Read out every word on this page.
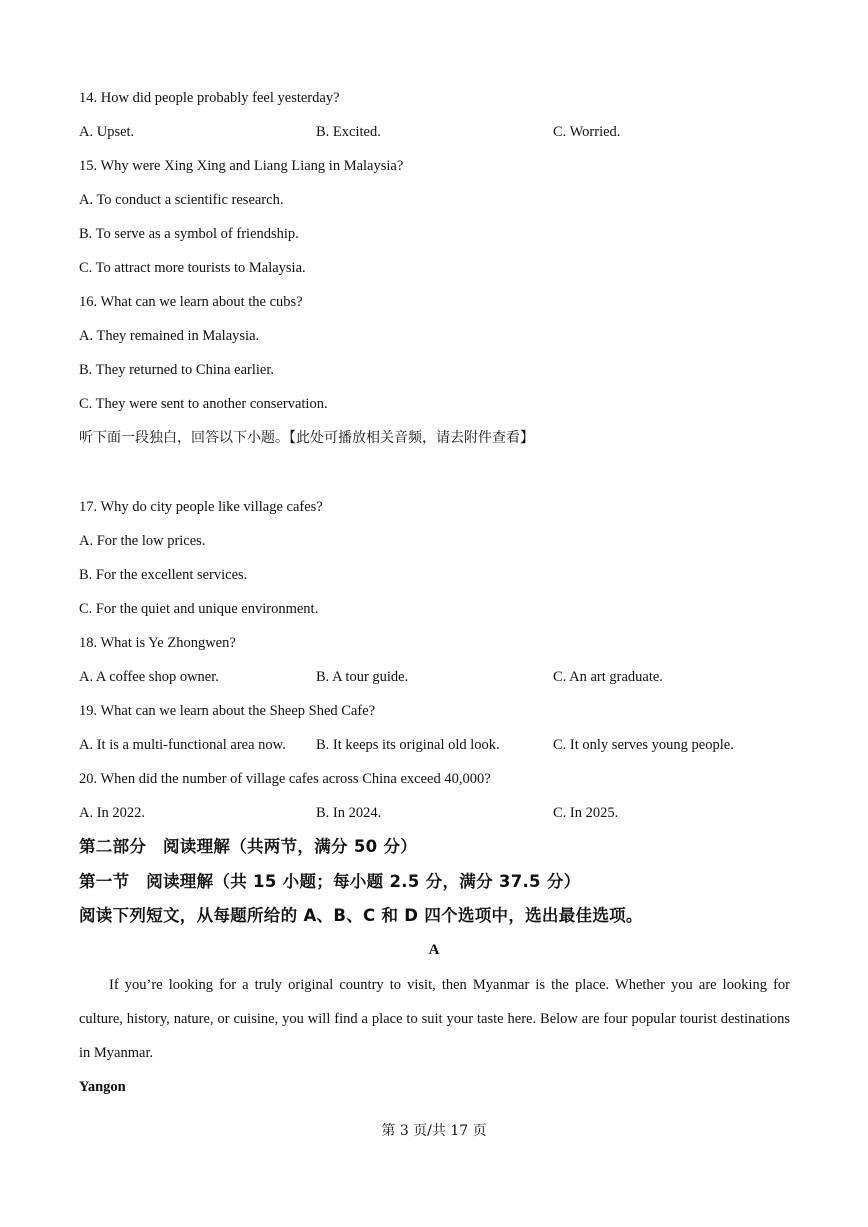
14. How did people probably feel yesterday?
A. Upset.	B. Excited.	C. Worried.
15. Why were Xing Xing and Liang Liang in Malaysia?
A. To conduct a scientific research.
B. To serve as a symbol of friendship.
C. To attract more tourists to Malaysia.
16. What can we learn about the cubs?
A. They remained in Malaysia.
B. They returned to China earlier.
C. They were sent to another conservation.
听下面一段独白，回答以下小题。【此处可播放相关音频，请去附件查看】
17. Why do city people like village cafes?
A. For the low prices.
B. For the excellent services.
C. For the quiet and unique environment.
18. What is Ye Zhongwen?
A. A coffee shop owner.	B. A tour guide.	C. An art graduate.
19. What can we learn about the Sheep Shed Cafe?
A. It is a multi-functional area now. B. It keeps its original old look.	C. It only serves young people.
20. When did the number of village cafes across China exceed 40,000?
A. In 2022.	B. In 2024.	C. In 2025.
第二部分　阅读理解（共两节，满分 50 分）
第一节　阅读理解（共 15 小题；每小题 2.5 分，满分 37.5 分）
阅读下列短文，从每题所给的 A、B、C 和 D 四个选项中，选出最佳选项。
A
If you’re looking for a truly original country to visit, then Myanmar is the place. Whether you are looking for culture, history, nature, or cuisine, you will find a place to suit your taste here. Below are four popular tourist destinations in Myanmar.
Yangon
第 3 页/共 17 页
